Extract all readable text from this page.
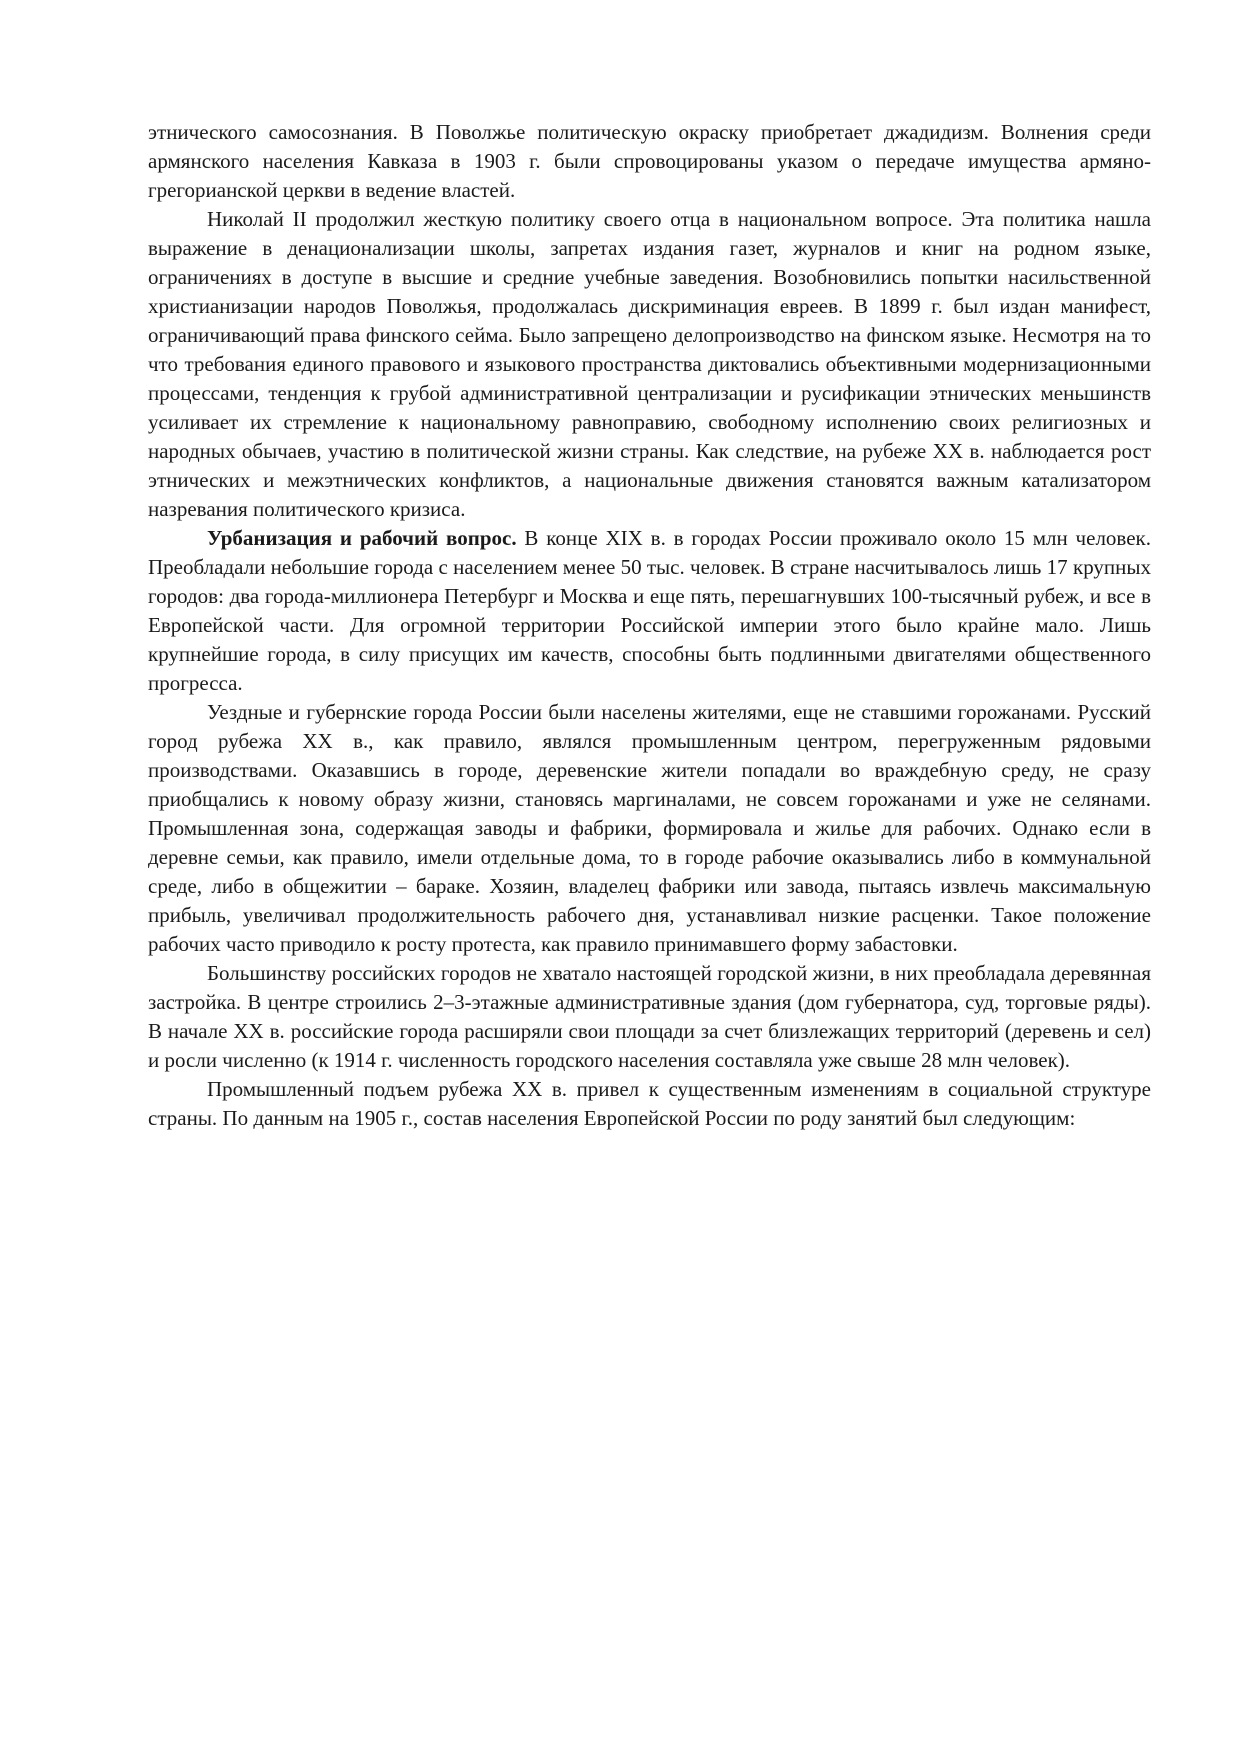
этнического самосознания. В Поволжье политическую окраску приобретает джадидизм. Волнения среди армянского населения Кавказа в 1903 г. были спровоцированы указом о передаче имущества армяно-грегорианской церкви в ведение властей.

Николай II продолжил жесткую политику своего отца в национальном вопросе. Эта политика нашла выражение в денационализации школы, запретах издания газет, журналов и книг на родном языке, ограничениях в доступе в высшие и средние учебные заведения. Возобновились попытки насильственной христианизации народов Поволжья, продолжалась дискриминация евреев. В 1899 г. был издан манифест, ограничивающий права финского сейма. Было запрещено делопроизводство на финском языке. Несмотря на то что требования единого правового и языкового пространства диктовались объективными модернизационными процессами, тенденция к грубой административной централизации и русификации этнических меньшинств усиливает их стремление к национальному равноправию, свободному исполнению своих религиозных и народных обычаев, участию в политической жизни страны. Как следствие, на рубеже XX в. наблюдается рост этнических и межэтнических конфликтов, а национальные движения становятся важным катализатором назревания политического кризиса.

Урбанизация и рабочий вопрос. В конце XIX в. в городах России проживало около 15 млн человек. Преобладали небольшие города с населением менее 50 тыс. человек. В стране насчитывалось лишь 17 крупных городов: два города-миллионера Петербург и Москва и еще пять, перешагнувших 100-тысячный рубеж, и все в Европейской части. Для огромной территории Российской империи этого было крайне мало. Лишь крупнейшие города, в силу присущих им качеств, способны быть подлинными двигателями общественного прогресса.

Уездные и губернские города России были населены жителями, еще не ставшими горожанами. Русский город рубежа XX в., как правило, являлся промышленным центром, перегруженным рядовыми производствами. Оказавшись в городе, деревенские жители попадали во враждебную среду, не сразу приобщались к новому образу жизни, становясь маргиналами, не совсем горожанами и уже не селянами. Промышленная зона, содержащая заводы и фабрики, формировала и жилье для рабочих. Однако если в деревне семьи, как правило, имели отдельные дома, то в городе рабочие оказывались либо в коммунальной среде, либо в общежитии – бараке. Хозяин, владелец фабрики или завода, пытаясь извлечь максимальную прибыль, увеличивал продолжительность рабочего дня, устанавливал низкие расценки. Такое положение рабочих часто приводило к росту протеста, как правило принимавшего форму забастовки.

Большинству российских городов не хватало настоящей городской жизни, в них преобладала деревянная застройка. В центре строились 2–3-этажные административные здания (дом губернатора, суд, торговые ряды). В начале XX в. российские города расширяли свои площади за счет близлежащих территорий (деревень и сел) и росли численно (к 1914 г. численность городского населения составляла уже свыше 28 млн человек).

Промышленный подъем рубежа XX в. привел к существенным изменениям в социальной структуре страны. По данным на 1905 г., состав населения Европейской России по роду занятий был следующим:
